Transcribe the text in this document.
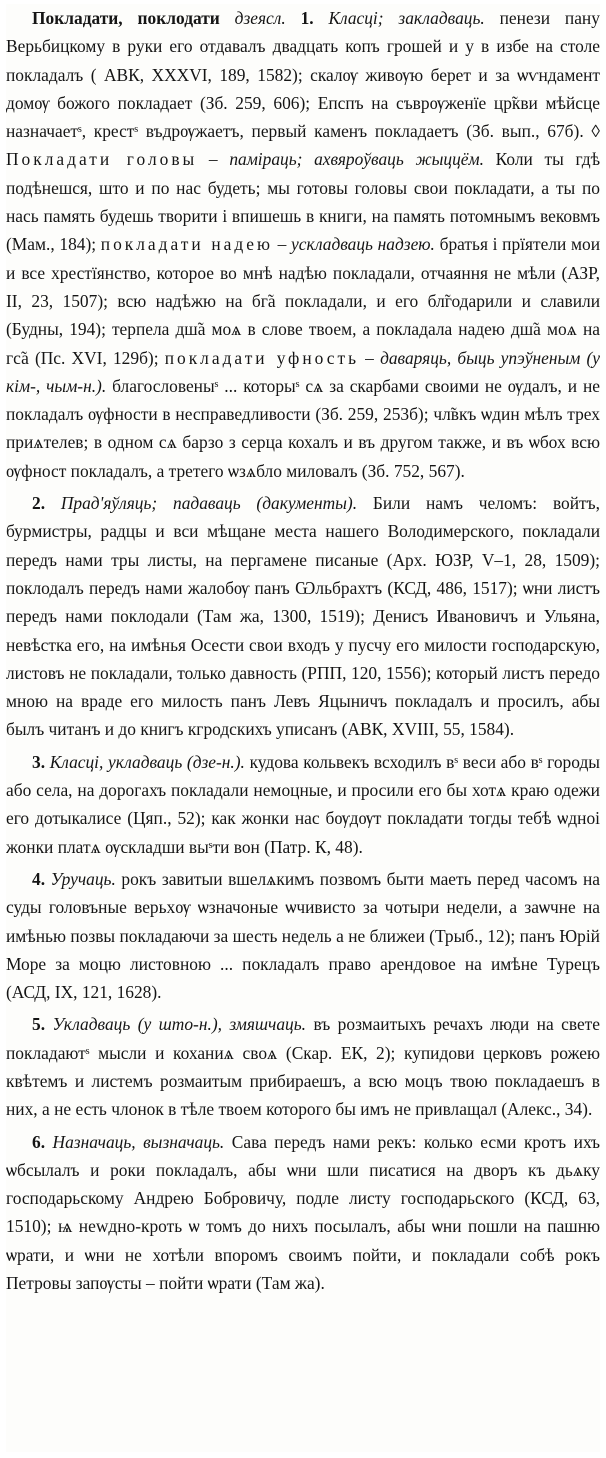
Покладати, поклодати дзеясл. 1. Класці; закладваць. пенези пану Верьбицкому в руки его отдавалъ двадцать копъ грошей и у в избе на столе покладалъ ( АВК, XXXVI, 189, 1582); скалѹ живѹю берет и за ѡѵндамент домѹ божого покладает (Зб. 259, 606); Епспъ на съврѹженїе цр̃кви мѣйсце назначаетˢ, крестˢ въдрѹжаетъ, первый каменъ покладаетъ (Зб. вып., 67б). ◊ Покладати головы – паміраць; ахвяроўваць жыццём. Коли ты гдѣ подѣнешся, што и по нас будеть; мы готовы головы свои покладати, а ты по нась память будешь творити і впишешь в книги, на память потомнымъ вековмъ (Мам., 184); покладати надею – ускладваць надзею. братья і прїятели мои и все хрестїянство, которое во мнѣ надѣю покладали, отчаяння не мѣли (АЗР, II, 23, 1507); всю надѣжю на бг̃а покладали, и его бл̃годарили и славили (Будны, 194); терпела дш̃а моѧ в слове твоем, а покладала надею дш̃а моѧ на гс̃а (Пс. XVI, 129б); покладати уфность – даваряць, быць упэўненым (у кім-, чым-н.). благословеныˢ ... которыˢ сѧ за скарбами своими не ѹдалъ, и не покладалъ ѹфности в несправедливости (Зб. 259, 253б); чл̃вкъ ѡдин мѣлъ трех приѧтелев; в одном сѧ барзо з серца кохалъ и въ другом также, и въ ѡбох всю ѹфност покладалъ, а третего ѡзѧбло миловалъ (Зб. 752, 567).

2. Прад'яўляць; падаваць (дакументы). Били намъ челомъ: войтъ, бурмистры, радцы и вси мѣщане места нашего Володимерского, покладали передъ нами тры листы, на пергамене писаные (Арх. ЮЗР, V–1, 28, 1509); поклодалъ передъ нами жалобѹ панъ Ѡльбрахтъ (КСД, 486, 1517); ѡни листъ передъ нами поклодали (Там жа, 1300, 1519); Денисъ Ивановичъ и Ульяна, невѣстка его, на имѣнья Осести свои входъ у пусчу его милости господарскую, листовъ не покладали, только давность (РПП, 120, 1556); который листъ передо мною на враде его милость панъ Левъ Яцыничъ покладалъ и просилъ, абы былъ читанъ и до книгъ кгродскихъ уписанъ (АВК, XVIII, 55, 1584).

3. Класці, укладваць (дзе-н.). кудова кольвекъ всходилъ вˢ веси або вˢ городы або села, на дорогахъ покладали немоцные, и просили его бы хотѧ краю одежи его дотыкалисе (Цяп., 52); как жонки нас бѹдѹт покладати тогды тебѣ ѡдноi жонки платѧ ѹскладши выˢти вон (Патр. К, 48).

4. Уручаць. рокъ завитыи вшелѧкимъ позвомъ быти маеть перед часомъ на суды головъные верьхѹ ѡзначоные ѡчивисто за чотыри недели, а заѡчне на имѣнью позвы покладаючи за шесть недель а не ближеи (Трыб., 12); панъ Юрій Море за моцю листовною ... покладалъ право арендовое на имѣне Турецъ (АСД, IX, 121, 1628).

5. Укладваць (у што-н.), змяшчаць. въ розмаитыхъ речахъ люди на свете покладаютˢ мысли и коханиѧ своѧ (Скар. ЕК, 2); купидови церковъ рожею квѣтемъ и листемъ розмаитым прибираешъ, а всю моцъ твою покладаешъ в них, а не есть члонок в тѣле твоем которого бы имъ не привлащал (Алекс., 34).

6. Назначаць, вызначаць. Сава передъ нами рекъ: колько есми кротъ ихъ ѡбсылалъ и роки покладалъ, абы ѡни шли писатися на дворъ къ дьѧку господарьскому Андрею Бобровичу, подле листу господарьского (КСД, 63, 1510); ѩ неwдно-кроть ѡ томъ до нихъ посылалъ, абы ѡни пошли на пашню ѡрати, и ѡни не хотѣли впоромъ своимъ пойти, и покладали собѣ рокъ Петровы запѹсты – пойти ѡрати (Там жа).
